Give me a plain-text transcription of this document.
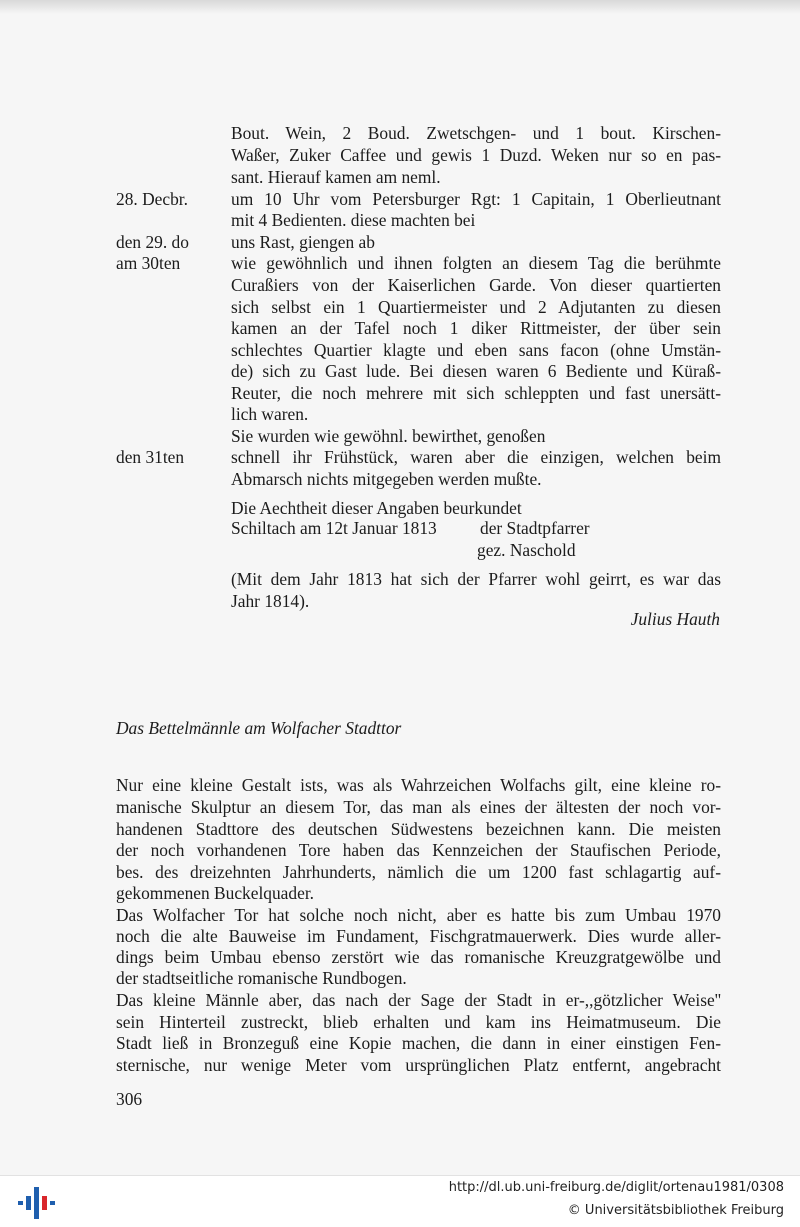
Bout. Wein, 2 Boud. Zwetschgen- und 1 bout. Kirschen-
Waßer, Zuker Caffee und gewis 1 Duzd. Weken nur so en pas-
sant. Hierauf kamen am neml.
28. Decbr. um 10 Uhr vom Petersburger Rgt: 1 Capitain, 1 Oberlieutnant
mit 4 Bedienten. diese machten bei
den 29. do uns Rast, giengen ab
am 30ten	wie gewöhnlich und ihnen folgten an diesem Tag die berühmte
Curaßiers von der Kaiserlichen Garde. Von dieser quartierten
sich selbst ein 1 Quartiermeister und 2 Adjutanten zu diesen
kamen an der Tafel noch 1 diker Rittmeister, der über sein
schlechtes Quartier klagte und eben sans facon (ohne Umstän-
de) sich zu Gast lude. Bei diesen waren 6 Bediente und Küraß-
Reuter, die noch mehrere mit sich schleppten und fast unersätt-
lich waren.
Sie wurden wie gewöhnl. bewirthet, genoßen
den 31ten	schnell ihr Frühstück, waren aber die einzigen, welchen beim
Abmarsch nichts mitgegeben werden mußte.
Die Aechtheit dieser Angaben beurkundet
Schiltach am 12t Januar 1813 der Stadtpfarrer
gez. Naschold
(Mit dem Jahr 1813 hat sich der Pfarrer wohl geirrt, es war das
Jahr 1814).
Julius Hauth
Das Bettelmännle am Wolfacher Stadttor
Nur eine kleine Gestalt ists, was als Wahrzeichen Wolfachs gilt, eine kleine ro-
manische Skulptur an diesem Tor, das man als eines der ältesten der noch vor-
handenen Stadttore des deutschen Südwestens bezeichnen kann. Die meisten
der noch vorhandenen Tore haben das Kennzeichen der Staufischen Periode,
bes. des dreizehnten Jahrhunderts, nämlich die um 1200 fast schlagartig auf-
gekommenen Buckelquader.
Das Wolfacher Tor hat solche noch nicht, aber es hatte bis zum Umbau 1970
noch die alte Bauweise im Fundament, Fischgratmauerwerk. Dies wurde aller-
dings beim Umbau ebenso zerstört wie das romanische Kreuzgratgewölbe und
der stadtseitliche romanische Rundbogen.
Das kleine Männle aber, das nach der Sage der Stadt in er-,,götzlicher Weise''
sein Hinterteil zustreckt, blieb erhalten und kam ins Heimatmuseum. Die
Stadt ließ in Bronzeguß eine Kopie machen, die dann in einer einstigen Fen-
sternische, nur wenige Meter vom ursprünglichen Platz entfernt, angebracht
306
http://dl.ub.uni-freiburg.de/diglit/ortenau1981/0308
© Universitätsbibliothek Freiburg
